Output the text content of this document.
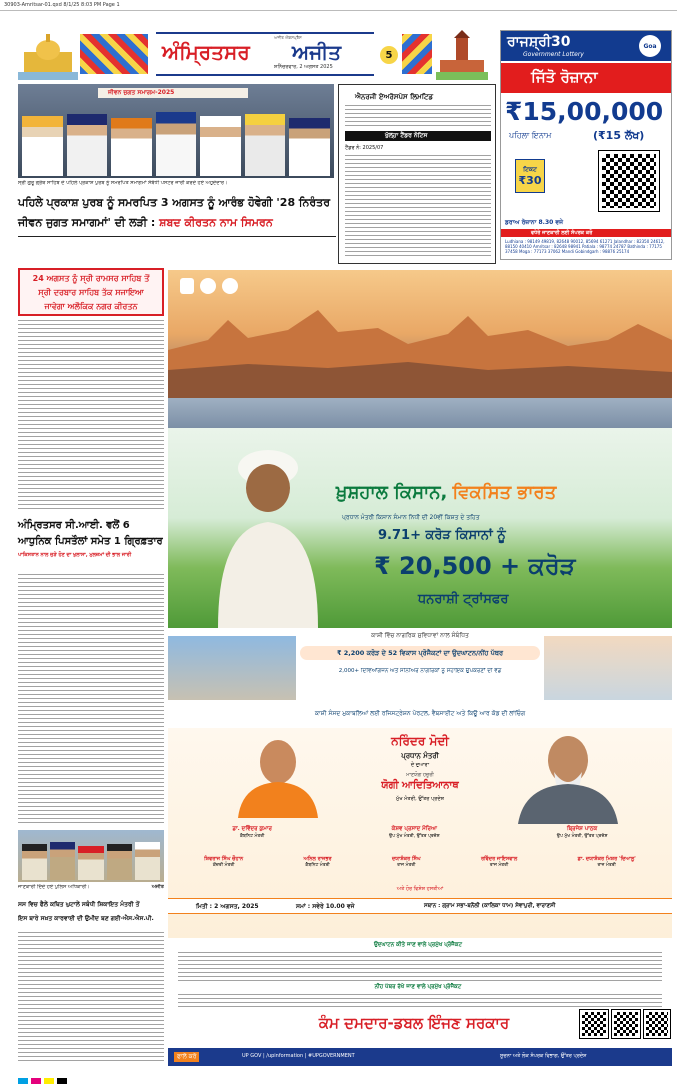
30903-Amritsar-01.qxd 8/1/25 8:03 PM Page 1
ਅੰਮ੍ਰਿਤਸਰ ਅਜੀਤ
ਸ਼ਨਿੱਚਰਵਾਰ, 2 ਅਗਸਤ 2025
ਅਜੀਤ ਐਕਸਪ੍ਰੈਸ
5
ਰਾਜਸ਼੍ਰੀ30
Government Lottery
Goa
ਜਿੱਤੋ ਰੋਜ਼ਾਨਾ
₹15,00,000
ਪਹਿਲਾ ਇਨਾਮ	(₹15 ਲੱਖ)
ਟਿਕਟ
₹30
ਡਰਾਅ ਰੋਜ਼ਾਨਾ 8.30 ਵਜੇ
ਵਧੇਰੇ ਜਾਣਕਾਰੀ ਲਈ ਸੰਪਰਕ ਕਰੋ
Ludhiana : 98149 49819, 82648 90012, 85694 61271 Jalandhar : 82350 24612, 88150 40410 Amritsar : 82648 98941 Patiala : 98774 24787 Bathinda : 77175 37458 Moga : 77173 37062 Mandi Gobindgarh : 98876 25174
ਜੀਵਨ ਜੁਗਤ ਸਮਾਗਮ-2025
ਸ੍ਰੀ ਗੁਰੂ ਗ੍ਰੰਥ ਸਾਹਿਬ ਦੇ ਪਹਿਲੇ ਪ੍ਰਕਾਸ਼ ਪੁਰਬ ਨੂੰ ਸਮਰਪਿਤ ਸਮਾਗਮਾਂ ਸੰਬੰਧੀ ਪੋਸਟਰ ਜਾਰੀ ਕਰਦੇ ਹੋਏ ਅਹੁਦੇਦਾਰ।
ਐਨਰਜੀ ਏਅਰੋਸਪੇਸ ਲਿਮਟਿਡ
ਖੁੱਲ੍ਹਾ ਟੈਂਡਰ ਨੋਟਿਸ
ਟੈਂਡਰ ਨੰ: 2025/07
ਪਹਿਲੇ ਪ੍ਰਕਾਸ਼ ਪੁਰਬ ਨੂੰ ਸਮਰਪਿਤ 3 ਅਗਸਤ ਨੂੰ ਆਰੰਭ ਹੋਵੇਗੀ '28 ਨਿਰੰਤਰ
ਜੀਵਨ ਜੁਗਤ ਸਮਾਗਮਾਂ' ਦੀ ਲੜੀ : ਸ਼ਬਦ ਕੀਰਤਨ ਨਾਮ ਸਿਮਰਨ
24 ਅਗਸਤ ਨੂੰ ਸ੍ਰੀ ਰਾਮਸਰ ਸਾਹਿਬ ਤੋਂ
ਸ੍ਰੀ ਦਰਬਾਰ ਸਾਹਿਬ ਤੱਕ ਸਜਾਇਆ
ਜਾਵੇਗਾ ਅਲੌਕਿਕ ਨਗਰ ਕੀਰਤਨ
ਅੰਮ੍ਰਿਤਸਰ ਸੀ.ਆਈ. ਵਲੋਂ 6
ਆਧੁਨਿਕ ਪਿਸਤੌਲਾਂ ਸਮੇਤ 1 ਗ੍ਰਿਫ਼ਤਾਰ
ਪਾਕਿਸਤਾਨ ਨਾਲ ਜੁੜੇ ਹੋਣ ਦਾ ਖੁਲਾਸਾ, ਮੁਲਜ਼ਮਾਂ ਦੀ ਭਾਲ ਜਾਰੀ
ਜਾਣਕਾਰੀ ਦਿੰਦੇ ਹੋਏ ਪੁਲਿਸ ਅਧਿਕਾਰੀ।	ਅਜੀਤ
ਸਸ ਵਿਚ ਫੈਲੇ ਕਥਿਤ ਘੁਟਾਲੇ ਸਬੰਧੀ ਸ਼ਿਕਾਇਤ ਮੰਤਰੀ ਤੋਂ
ਇਸ ਬਾਰੇ ਸਖ਼ਤ ਕਾਰਵਾਈ ਦੀ ਉਮੀਦ ਬਣ ਗਈ-ਐਸ.ਐਸ.ਪੀ.
ਖ਼ੁਸ਼ਹਾਲ ਕਿਸਾਨ, ਵਿਕਸਿਤ ਭਾਰਤ
ਪ੍ਰਧਾਨ ਮੰਤਰੀ ਕਿਸਾਨ ਸੰਮਾਨ ਨਿਧੀ ਦੀ 20ਵੀਂ ਕਿਸ਼ਤ ਦੇ ਤਹਿਤ
9.71+ ਕਰੋੜ ਕਿਸਾਨਾਂ ਨੂੰ
₹ 20,500 + ਕਰੋੜ
ਧਨਰਾਸ਼ੀ ਟ੍ਰਾਂਸਫਰ
ਕਾਸ਼ੀ ਵਿੱਚ ਨਾਗਰਿਕ ਸੁਵਿਧਾਵਾਂ ਨਾਲ ਸੰਬੰਧਿਤ
₹ 2,200 ਕਰੋੜ ਦੇ 52 ਵਿਕਾਸ ਪ੍ਰੋਜੈਕਟਾਂ ਦਾ ਉਦਘਾਟਨ/ਨੀਂਹ ਪੱਥਰ
2,000+ ਦਿਵਿਆਂਗਜਨ ਅਤੇ ਸੀਨੀਅਰ ਨਾਗਰਿਕਾਂ ਨੂੰ ਸਹਾਇਕ ਉਪਕਰਣਾਂ ਦੀ ਵੰਡ
ਕਾਸ਼ੀ ਸੰਸਦ ਮੁਕਾਬਲਿਆਂ ਲਈ ਰਜਿਸਟ੍ਰੇਸ਼ਨ ਪੋਰਟਲ, ਵੈਬਸਾਈਟ ਅਤੇ ਕਿਊ ਆਰ ਕੋਡ ਦੀ ਲਾਂਚਿੰਗ
ਨਰਿੰਦਰ ਮੋਦੀ
ਪ੍ਰਧਾਨ ਮੰਤਰੀ
ਦੇ ਦੁਆਰਾ
ਮਾਣਯੋਗ ਹਜ਼ੂਰੀ
ਯੋਗੀ ਆਦਿਤਿਆਨਾਥ
ਮੁੱਖ ਮੰਤਰੀ, ਉੱਤਰ ਪ੍ਰਦੇਸ਼
ਡਾ. ਦਵਿੰਦਰ ਕੁਮਾਰ
ਕੈਬਨਿਟ ਮੰਤਰੀ
ਕੇਸ਼ਵ ਪ੍ਰਸਾਦ ਮੌਰਿਆ
ਉਪ ਮੁੱਖ ਮੰਤਰੀ, ਉੱਤਰ ਪ੍ਰਦੇਸ਼
ਬ੍ਰਿਜੇਸ਼ ਪਾਠਕ
ਉਪ ਮੁੱਖ ਮੰਤਰੀ, ਉੱਤਰ ਪ੍ਰਦੇਸ਼
ਸ਼ਿਵਰਾਜ ਸਿੰਘ ਚੌਹਾਨ
ਕੇਂਦਰੀ ਮੰਤਰੀ
ਅਨਿਲ ਰਾਜਭਰ
ਕੈਬਨਿਟ ਮੰਤਰੀ
ਦਯਾਸ਼ੰਕਰ ਸਿੰਘ
ਰਾਜ ਮੰਤਰੀ
ਰਵਿੰਦਰ ਜਾਇਸਵਾਲ
ਰਾਜ ਮੰਤਰੀ
ਡਾ. ਦਯਾਸ਼ੰਕਰ ਮਿਸ਼ਰ 'ਦਿਆਲੂ'
ਰਾਜ ਮੰਤਰੀ
ਅਤੇ ਹੋਰ ਵਿਸ਼ੇਸ਼ ਹਸਤੀਆਂ
ਮਿਤੀ : 2 ਅਗਸਤ, 2025	ਸਮਾਂ : ਸਵੇਰੇ 10.00 ਵਜੇ	ਸਥਾਨ : ਗ੍ਰਾਮ ਸਭਾ-ਬਨੌਲੀ (ਕਾਲਿਕਾ ਧਾਮ) ਸੇਵਾਪੁਰੀ, ਵਾਰਾਣਸੀ
ਉਦਘਾਟਨ ਕੀਤੇ ਜਾਣ ਵਾਲੇ ਪ੍ਰਮੁੱਖ ਪ੍ਰੋਜੈਕਟ
ਨੀਂਹ ਪੱਥਰ ਰੱਖੇ ਜਾਣ ਵਾਲੇ ਪ੍ਰਮੁੱਖ ਪ੍ਰੋਜੈਕਟ
ਕੰਮ ਦਮਦਾਰ-ਡਬਲ ਇੰਜਣ ਸਰਕਾਰ
ਫਾਲੋ ਕਰੋ	UP GOV | /upinformation | #UPGOVERNMENT	ਸੂਚਨਾ ਅਤੇ ਲੋਕ ਸੰਪਰਕ ਵਿਭਾਗ, ਉੱਤਰ ਪ੍ਰਦੇਸ਼
